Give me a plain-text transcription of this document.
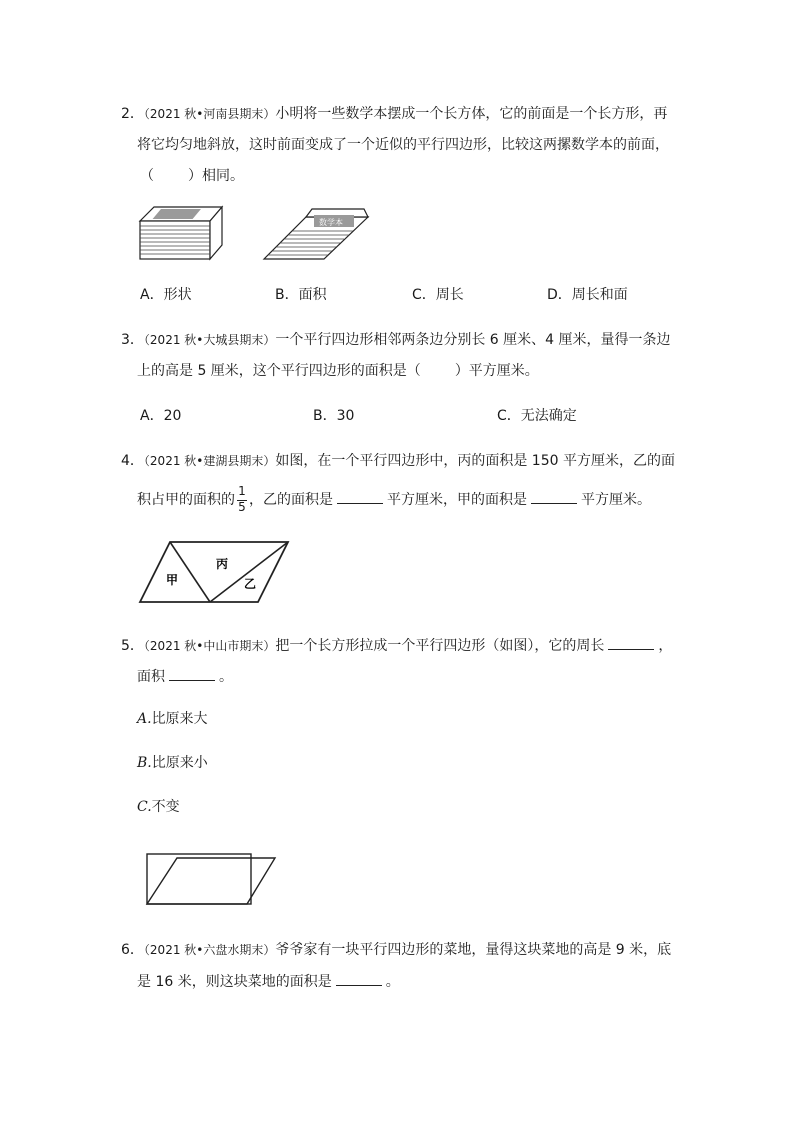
2．（2021 秋•河南县期末）小明将一些数学本摆成一个长方体，它的前面是一个长方形，再
将它均匀地斜放，这时前面变成了一个近似的平行四边形，比较这两摞数学本的前面，
（ ）相同。
数学本
A．形状	B．面积	C．周长	D．周长和面
3．（2021 秋•大城县期末）一个平行四边形相邻两条边分别长 6 厘米、4 厘米，量得一条边
上的高是 5 厘米，这个平行四边形的面积是（ ）平方厘米。
A．20	B．30	C．无法确定
4．（2021 秋•建湖县期末）如图，在一个平行四边形中，丙的面积是 150 平方厘米，乙的面
积占甲的面积的 $\frac{1}{5}$ ，乙的面积是	平方厘米，甲的面积是	平方厘米。
甲
丙
乙
5．（2021 秋•中山市期末）把一个长方形拉成一个平行四边形（如图），它的周长	，
面积	。
A.比原来大
B.比原来小
C.不变
6．（2021 秋•六盘水期末）爷爷家有一块平行四边形的菜地，量得这块菜地的高是 9 米，底
是 16 米，则这块菜地的面积是	。
